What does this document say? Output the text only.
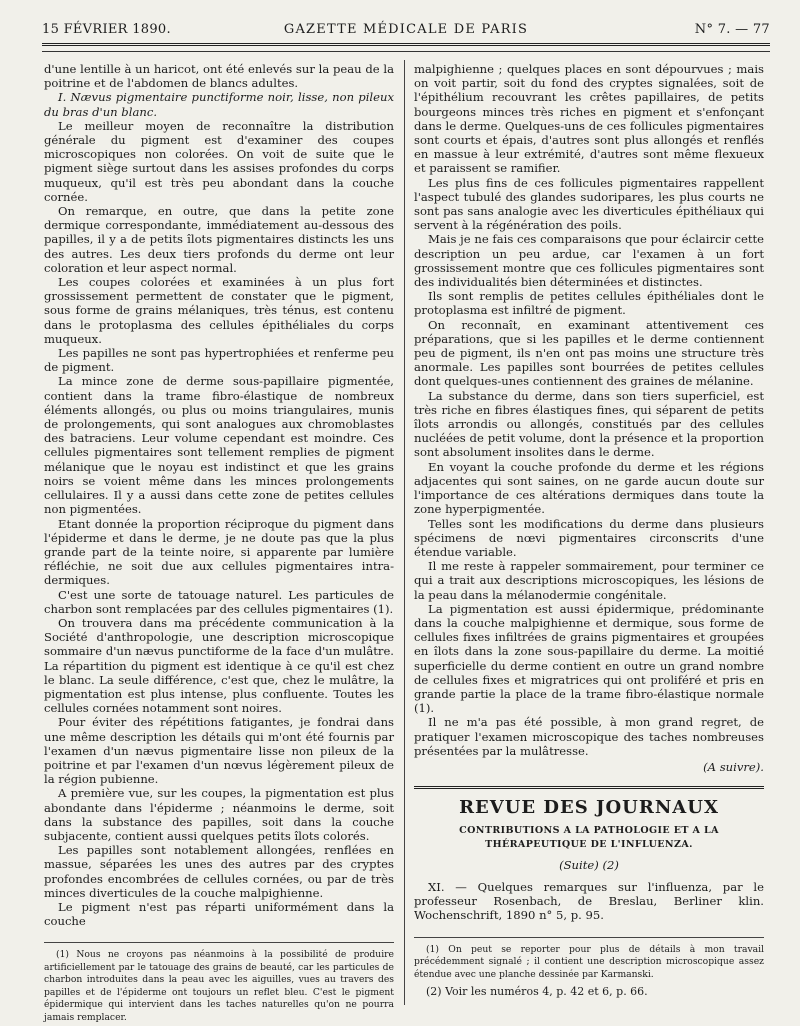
15 FÉVRIER 1890.	GAZETTE MÉDICALE DE PARIS	N° 7. — 77

d'une lentille à un haricot, ont été enlevés sur la peau de la poitrine et de l'abdomen de blancs adultes.

I. Nævus pigmentaire punctiforme noir, lisse, non pileux du bras d'un blanc.

Le meilleur moyen de reconnaître la distribution générale du pigment est d'examiner des coupes microscopiques non colorées. On voit de suite que le pigment siège surtout dans les assises profondes du corps muqueux, qu'il est très peu abondant dans la couche cornée.

On remarque, en outre, que dans la petite zone dermique correspondante, immédiatement au-dessous des papilles, il y a de petits îlots pigmentaires distincts les uns des autres. Les deux tiers profonds du derme ont leur coloration et leur aspect normal.

Les coupes colorées et examinées à un plus fort grossissement permettent de constater que le pigment, sous forme de grains mélaniques, très ténus, est contenu dans le protoplasma des cellules épithéliales du corps muqueux.

Les papilles ne sont pas hypertrophiées et renferme peu de pigment.

La mince zone de derme sous-papillaire pigmentée, contient dans la trame fibro-élastique de nombreux éléments allongés, ou plus ou moins triangulaires, munis de prolongements, qui sont analogues aux chromoblastes des batraciens. Leur volume cependant est moindre. Ces cellules pigmentaires sont tellement remplies de pigment mélanique que le noyau est indistinct et que les grains noirs se voient même dans les minces prolongements cellulaires. Il y a aussi dans cette zone de petites cellules non pigmentées.

Etant donnée la proportion réciproque du pigment dans l'épiderme et dans le derme, je ne doute pas que la plus grande part de la teinte noire, si apparente par lumière réfléchie, ne soit due aux cellules pigmentaires intra-dermiques.

C'est une sorte de tatouage naturel. Les particules de charbon sont remplacées par des cellules pigmentaires (1).

On trouvera dans ma précédente communication à la Société d'anthropologie, une description microscopique sommaire d'un nævus punctiforme de la face d'un mulâtre. La répartition du pigment est identique à ce qu'il est chez le blanc. La seule différence, c'est que, chez le mulâtre, la pigmentation est plus intense, plus confluente. Toutes les cellules cornées notamment sont noires.

Pour éviter des répétitions fatigantes, je fondrai dans une même description les détails qui m'ont été fournis par l'examen d'un nævus pigmentaire lisse non pileux de la poitrine et par l'examen d'un nœvus légèrement pileux de la région pubienne.

A première vue, sur les coupes, la pigmentation est plus abondante dans l'épiderme ; néanmoins le derme, soit dans la substance des papilles, soit dans la couche subjacente, contient aussi quelques petits îlots colorés.

Les papilles sont notablement allongées, renflées en massue, séparées les unes des autres par des cryptes profondes encombrées de cellules cornées, ou par de très minces diverticules de la couche malpighienne.

Le pigment n'est pas réparti uniformément dans la couche

(1) Nous ne croyons pas néanmoins à la possibilité de produire artificiellement par le tatouage des grains de beauté, car les particules de charbon introduites dans la peau avec les aiguilles, vues au travers des papilles et de l'épiderme ont toujours un reflet bleu. C'est le pigment épidermique qui intervient dans les taches naturelles qu'on ne pourra jamais remplacer.

malpighienne ; quelques places en sont dépourvues ; mais on voit partir, soit du fond des cryptes signalées, soit de l'épithélium recouvrant les crêtes papillaires, de petits bourgeons minces très riches en pigment et s'enfonçant dans le derme. Quelques-uns de ces follicules pigmentaires sont courts et épais, d'autres sont plus allongés et renflés en massue à leur extrémité, d'autres sont même flexueux et paraissent se ramifier.

Les plus fins de ces follicules pigmentaires rappellent l'aspect tubulé des glandes sudoripares, les plus courts ne sont pas sans analogie avec les diverticules épithéliaux qui servent à la régénération des poils.

Mais je ne fais ces comparaisons que pour éclaircir cette description un peu ardue, car l'examen à un fort grossissement montre que ces follicules pigmentaires sont des individualités bien déterminées et distinctes.

Ils sont remplis de petites cellules épithéliales dont le protoplasma est infiltré de pigment.

On reconnaît, en examinant attentivement ces préparations, que si les papilles et le derme contiennent peu de pigment, ils n'en ont pas moins une structure très anormale. Les papilles sont bourrées de petites cellules dont quelques-unes contiennent des graines de mélanine.

La substance du derme, dans son tiers superficiel, est très riche en fibres élastiques fines, qui séparent de petits îlots arrondis ou allongés, constitués par des cellules nucléées de petit volume, dont la présence et la proportion sont absolument insolites dans le derme.

En voyant la couche profonde du derme et les régions adjacentes qui sont saines, on ne garde aucun doute sur l'importance de ces altérations dermiques dans toute la zone hyperpigmentée.

Telles sont les modifications du derme dans plusieurs spécimens de nœvi pigmentaires circonscrits d'une étendue variable.

Il me reste à rappeler sommairement, pour terminer ce qui a trait aux descriptions microscopiques, les lésions de la peau dans la mélanodermie congénitale.

La pigmentation est aussi épidermique, prédominante dans la couche malpighienne et dermique, sous forme de cellules fixes infiltrées de grains pigmentaires et groupées en îlots dans la zone sous-papillaire du derme. La moitié superficielle du derme contient en outre un grand nombre de cellules fixes et migratrices qui ont proliféré et pris en grande partie la place de la trame fibro-élastique normale (1).

Il ne m'a pas été possible, à mon grand regret, de pratiquer l'examen microscopique des taches nombreuses présentées par la mulâtresse.

(A suivre).

REVUE DES JOURNAUX
CONTRIBUTIONS A LA PATHOLOGIE ET A LA THÉRAPEUTIQUE DE L'INFLUENZA.
(Suite) (2)

XI. — Quelques remarques sur l'influenza, par le professeur Rosenbach, de Breslau, Berliner klin. Wochenschrift, 1890 n° 5, p. 95.

(1) On peut se reporter pour plus de détails à mon travail précédemment signalé ; il contient une description microscopique assez étendue avec une planche dessinée par Karmanski.

(2) Voir les numéros 4, p. 42 et 6, p. 66.
